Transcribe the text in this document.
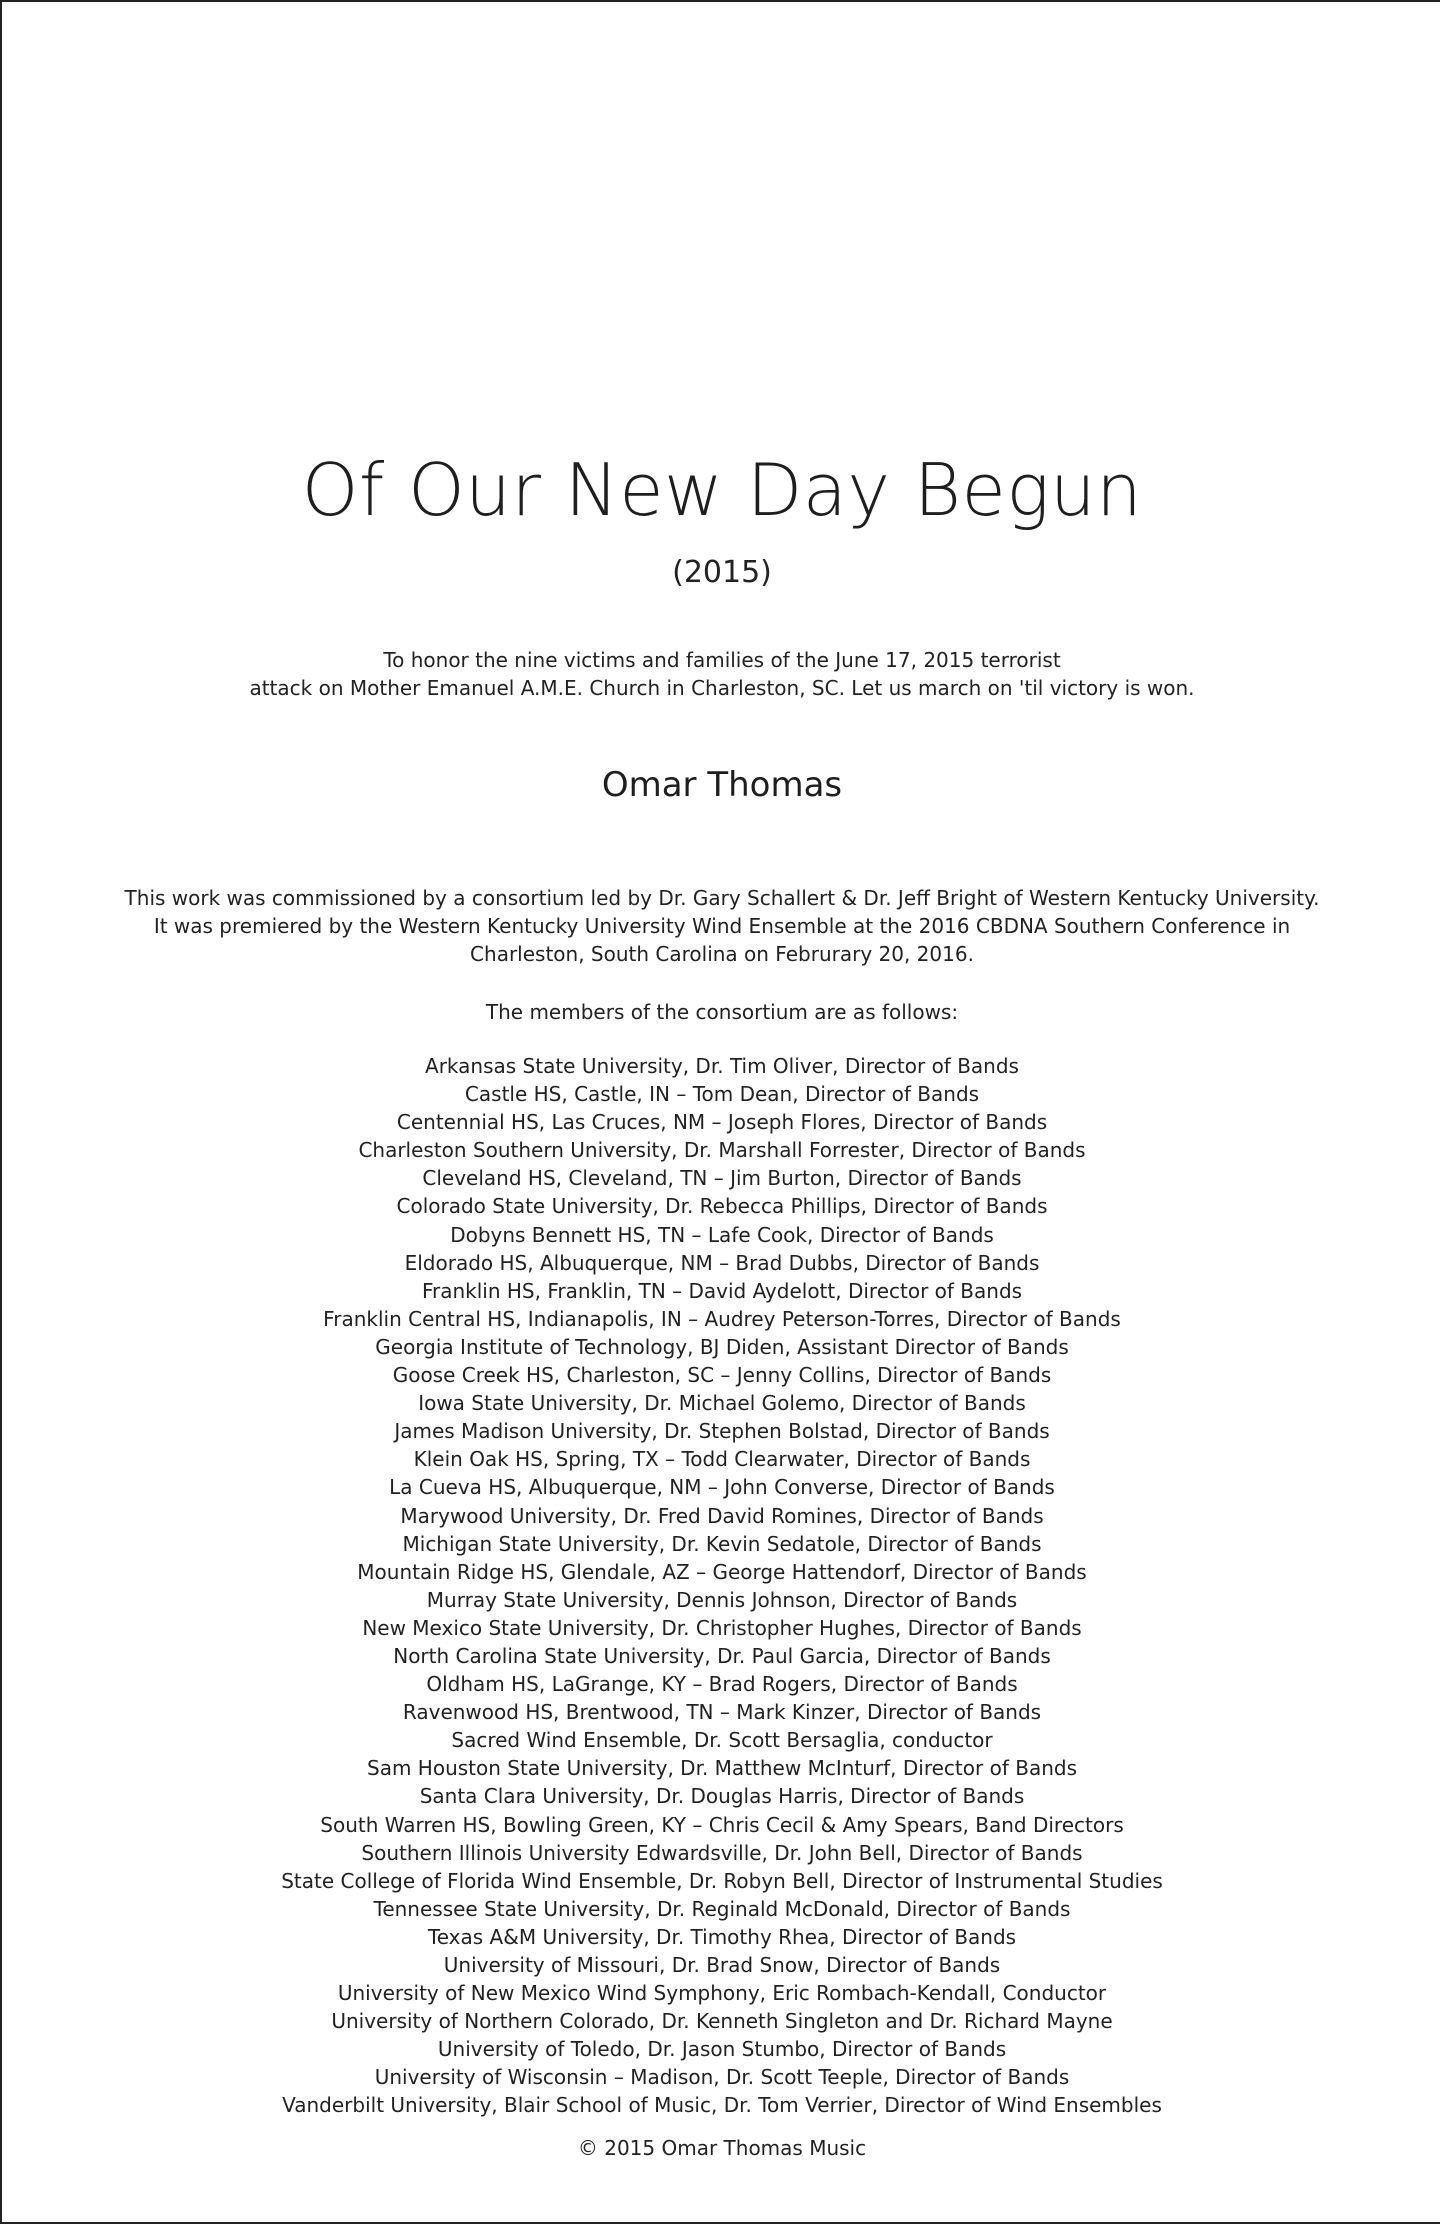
Of Our New Day Begun
(2015)
To honor the nine victims and families of the June 17, 2015 terrorist
attack on Mother Emanuel A.M.E. Church in Charleston, SC. Let us march on 'til victory is won.
Omar Thomas
This work was commissioned by a consortium led by Dr. Gary Schallert & Dr. Jeff Bright of Western Kentucky University.
It was premiered by the Western Kentucky University Wind Ensemble at the 2016 CBDNA Southern Conference in
Charleston, South Carolina on Februrary 20, 2016.
The members of the consortium are as follows:
Arkansas State University, Dr. Tim Oliver, Director of Bands
Castle HS, Castle, IN – Tom Dean, Director of Bands
Centennial HS, Las Cruces, NM – Joseph Flores, Director of Bands
Charleston Southern University, Dr. Marshall Forrester, Director of Bands
Cleveland HS, Cleveland, TN – Jim Burton, Director of Bands
Colorado State University, Dr. Rebecca Phillips, Director of Bands
Dobyns Bennett HS, TN – Lafe Cook, Director of Bands
Eldorado HS, Albuquerque, NM – Brad Dubbs, Director of Bands
Franklin HS, Franklin, TN – David Aydelott, Director of Bands
Franklin Central HS, Indianapolis, IN – Audrey Peterson-Torres, Director of Bands
Georgia Institute of Technology, BJ Diden, Assistant Director of Bands
Goose Creek HS, Charleston, SC – Jenny Collins, Director of Bands
Iowa State University, Dr. Michael Golemo, Director of Bands
James Madison University, Dr. Stephen Bolstad, Director of Bands
Klein Oak HS, Spring, TX – Todd Clearwater, Director of Bands
La Cueva HS, Albuquerque, NM – John Converse, Director of Bands
Marywood University, Dr. Fred David Romines, Director of Bands
Michigan State University, Dr. Kevin Sedatole, Director of Bands
Mountain Ridge HS, Glendale, AZ – George Hattendorf, Director of Bands
Murray State University, Dennis Johnson, Director of Bands
New Mexico State University, Dr. Christopher Hughes, Director of Bands
North Carolina State University, Dr. Paul Garcia, Director of Bands
Oldham HS, LaGrange, KY – Brad Rogers, Director of Bands
Ravenwood HS, Brentwood, TN – Mark Kinzer, Director of Bands
Sacred Wind Ensemble, Dr. Scott Bersaglia, conductor
Sam Houston State University, Dr. Matthew McInturf, Director of Bands
Santa Clara University, Dr. Douglas Harris, Director of Bands
South Warren HS, Bowling Green, KY – Chris Cecil & Amy Spears, Band Directors
Southern Illinois University Edwardsville, Dr. John Bell, Director of Bands
State College of Florida Wind Ensemble, Dr. Robyn Bell, Director of Instrumental Studies
Tennessee State University, Dr. Reginald McDonald, Director of Bands
Texas A&M University, Dr. Timothy Rhea, Director of Bands
University of Missouri, Dr. Brad Snow, Director of Bands
University of New Mexico Wind Symphony, Eric Rombach-Kendall, Conductor
University of Northern Colorado, Dr. Kenneth Singleton and Dr. Richard Mayne
University of Toledo, Dr. Jason Stumbo, Director of Bands
University of Wisconsin – Madison, Dr. Scott Teeple, Director of Bands
Vanderbilt University, Blair School of Music, Dr. Tom Verrier, Director of Wind Ensembles
© 2015 Omar Thomas Music
